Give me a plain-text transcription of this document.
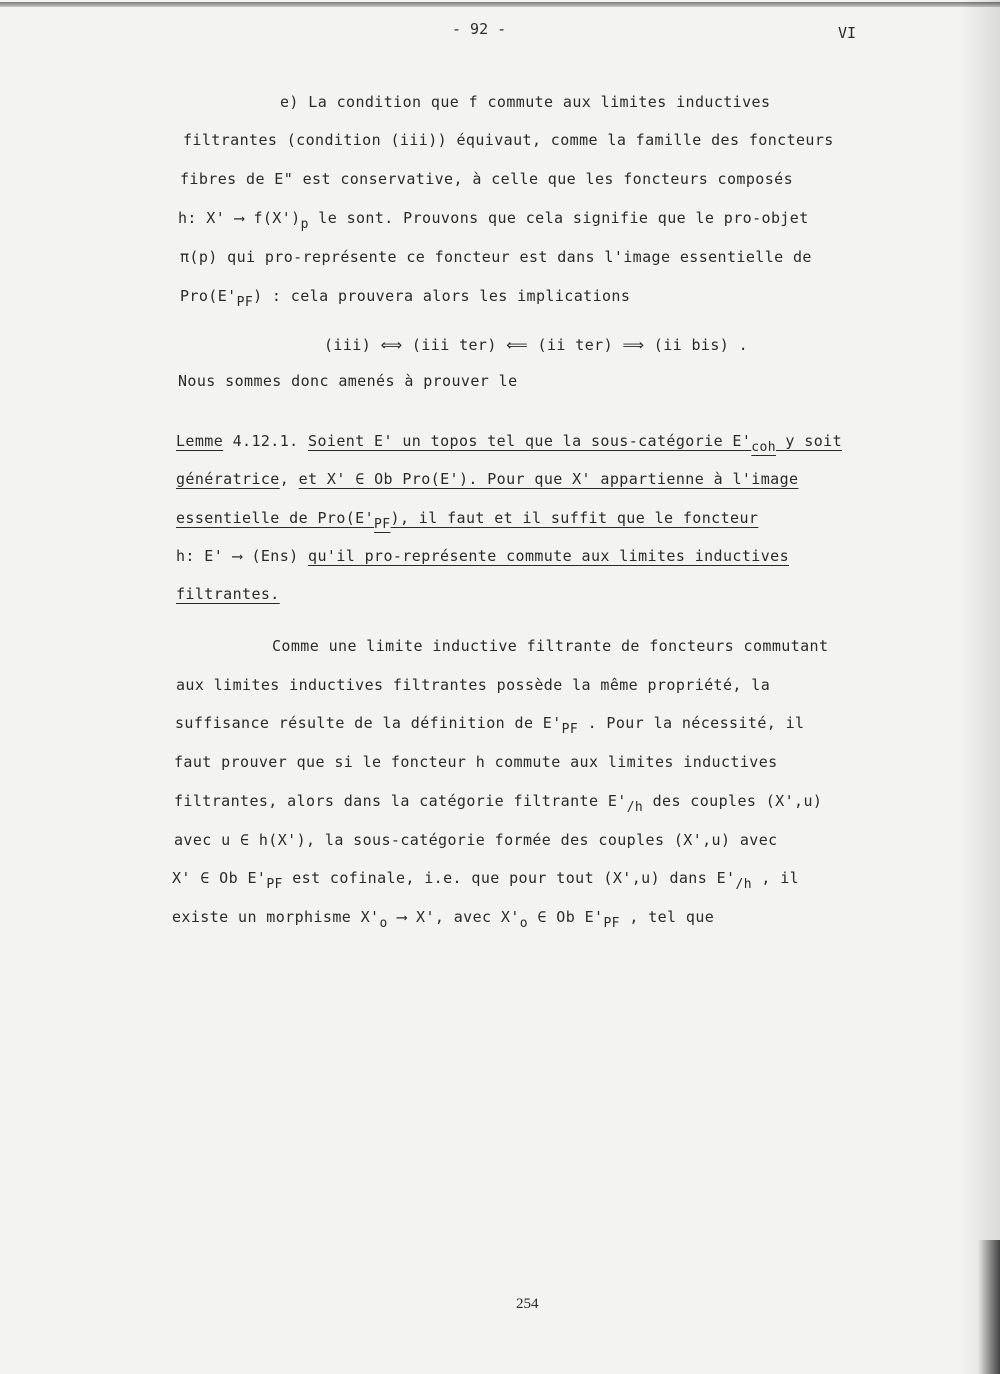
- 92 -	VI
e) La condition que f commute aux limites inductives
filtrantes (condition (iii)) équivaut, comme la famille des foncteurs
fibres de E" est conservative, à celle que les foncteurs composés
h: X' ⟶ f(X')p le sont. Prouvons que cela signifie que le pro-objet
π(p) qui pro-représente ce foncteur est dans l'image essentielle de
Pro(E'PF) : cela prouvera alors les implications
(iii) ⟺ (iii ter) ⟸ (ii ter) ⟹ (ii bis) .
Nous sommes donc amenés à prouver le
Lemme 4.12.1. Soient E' un topos tel que la sous-catégorie E'coh y soit
génératrice, et X' ∈ Ob Pro(E'). Pour que X' appartienne à l'image
essentielle de Pro(E'PF), il faut et il suffit que le foncteur
h: E' ⟶ (Ens) qu'il pro-représente commute aux limites inductives
filtrantes.
Comme une limite inductive filtrante de foncteurs commutant
aux limites inductives filtrantes possède la même propriété, la
suffisance résulte de la définition de E'PF . Pour la nécessité, il
faut prouver que si le foncteur h commute aux limites inductives
filtrantes, alors dans la catégorie filtrante E'/h des couples (X',u)
avec u ∈ h(X'), la sous-catégorie formée des couples (X',u) avec
X' ∈ Ob E'PF est cofinale, i.e. que pour tout (X',u) dans E'/h , il
existe un morphisme X'o ⟶ X', avec X'o ∈ Ob E'PF , tel que
254
